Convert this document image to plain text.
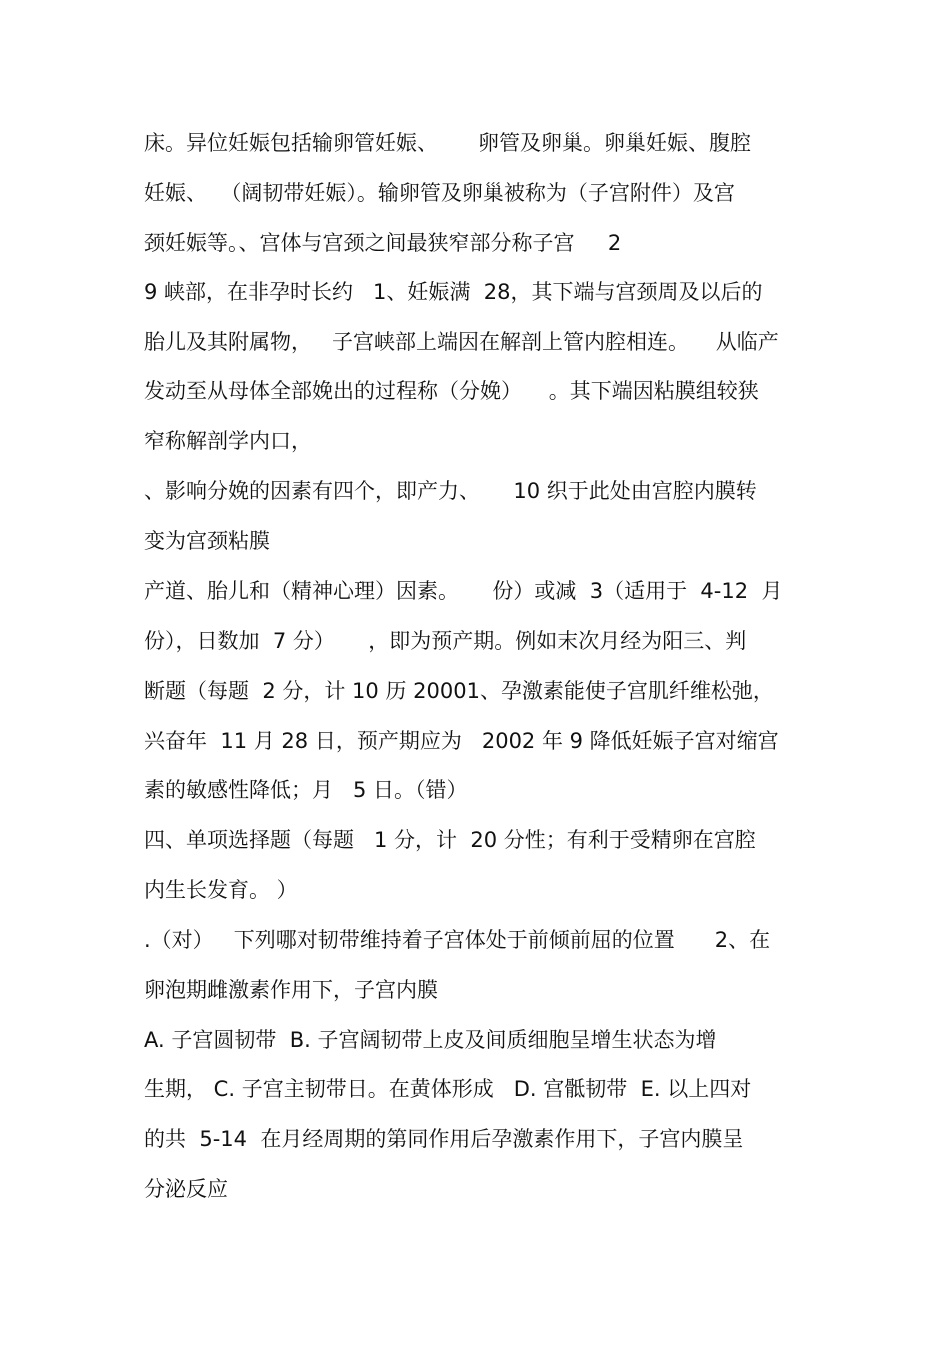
床。异位妊娠包括输卵管妊娠、      卵管及卵巢。卵巢妊娠、腹腔
妊娠、  （阔韧带妊娠）。输卵管及卵巢被称为（子宫附件）及宫
颈妊娠等。、宫体与宫颈之间最狭窄部分称子宫     2
9 峡部，在非孕时长约   1、妊娠满  28，其下端与宫颈周及以后的
胎儿及其附属物，   子宫峡部上端因在解剖上管内腔相连。    从临产
发动至从母体全部娩出的过程称（分娩）    。其下端因粘膜组较狭
窄称解剖学内口，
、影响分娩的因素有四个，即产力、     10 织于此处由宫腔内膜转
变为宫颈粘膜
产道、胎儿和（精神心理）因素。     份）或减  3（适用于  4-12  月
份），日数加  7 分）     ，即为预产期。例如末次月经为阳三、判
断题（每题  2 分，计 10 历 20001、孕激素能使子宫肌纤维松弛，
兴奋年  11 月 28 日，预产期应为   2002 年 9 降低妊娠子宫对缩宫
素的敏感性降低；月   5 日。（错）
四、单项选择题（每题   1 分，计  20 分性；有利于受精卵在宫腔
内生长发育。 ）
.（对）   下列哪对韧带维持着子宫体处于前倾前屈的位置      2、在
卵泡期雌激素作用下，子宫内膜
A. 子宫圆韧带  B. 子宫阔韧带上皮及间质细胞呈增生状态为增
生期， C. 子宫主韧带日。在黄体形成   D. 宫骶韧带  E. 以上四对
的共  5-14  在月经周期的第同作用后孕激素作用下，子宫内膜呈
分泌反应
